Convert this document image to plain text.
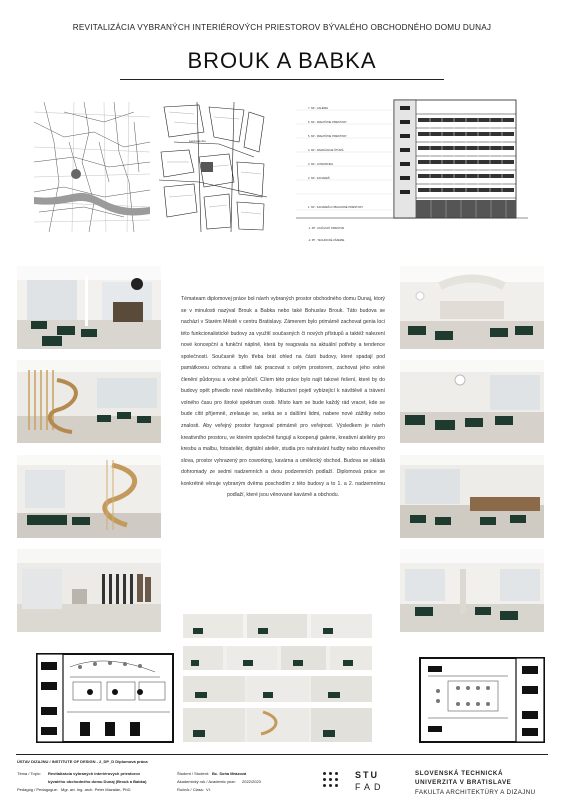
REVITALIZÁCIA VYBRANÝCH INTERIÉROVÝCH PRIESTOROV BÝVALÉHO OBCHODNÉHO DOMU DUNAJ
BROUK A BABKA
Laurinská ulica
7. NP - GALÉRIE
6. NP - KREATÍVNE PRIESTORY
5. NP - KREATÍVNE PRIESTORY
4. NP - NAHRÁVACIE ŠTÚDIÁ
3. NP - COWORKING
2. NP - KAVIAREŇ
1. NP - KAVIAREŇ A OBCHODNÉ PRIESTORY
-1. PP - DOČASNÝ PRIESTOR
-2. PP - TECHNICKÉ ZÁZEMIE
Témateam diplomovej práce bol návrh vybraných prostor obchodného domu Dunaj, ktorý se v minulosti nazýval Brouk a Babka nebo také Bohuslav Brouk. Táto budova se nachází v Starém Městě v centru Bratislavy. Zámerem bylo primárně zachovat genia loci této funkcionalistické budovy za využití současných či nových přístupů a taktéž nalezení nové koncepční a funkční náplně, která by reagovala na aktuální potřeby a tendence společnosti. Současně bylo třeba brát ohled na části budovy, které spadají pod památkovou ochranu a citlivě tak pracovat s celým prostorem, zachovat jeho volné členění půdorysu a volné průčelí. Cílem této práce bylo najít takové řešení, které by do budovy opět přivedlo nové návštěvníky. Inkluzivní pojetí vybízející k návštěvě a trávení volného času pro široké spektrum osob. Místo kam se bude každý rád vracet, kde se bude cítit příjemně, zrelaxuje se, setká se s dalšími lidmi, nabere nové zážitky nebo znalosti. Aby veřejný prostor fungoval primárně pro veřejnost. Výsledkem je návrh kreativního prostoru, ve kterém společně fungují a kooperují galerie, kreativní ateliéry pro kresbu a malbu, fotoateliér, digitální ateliér, studia pro nahrávání hudby nebo mluveného slova, prostor vyhrazený pro coworking, kavárna a umělecký obchod. Budova se skládá dohromady ze sedmi nadzemních a dvou podzemních podlaží. Diplomová práce se konkrétně věnuje vybraným dvěma poschodím z této budovy a to 1. a 2. nadzemnímu podlaží, které jsou věnované kavárně a obchodu.
ÚSTAV DIZAJNU / INSTITUTE OF DESIGN - 2_DP_D Diplomová práca
Téma / Topic: Revitalizácia vybraných interiérových priestorov
bývalého obchodného domu Dunaj (Brouk a Babka)
Pedagóg / Pedagogue: Mgr. art. Ing. arch. Peter Mazalán, PhD.
Študent / Student: Bc. Soňa Mrázová
Akademický rok / Academic year: 2022/2023
Ročník / Class: VI.
STU
FAD
SLOVENSKÁ TECHNICKÁ
UNIVERZITA V BRATISLAVE
FAKULTA ARCHITEKTÚRY A DIZAJNU
